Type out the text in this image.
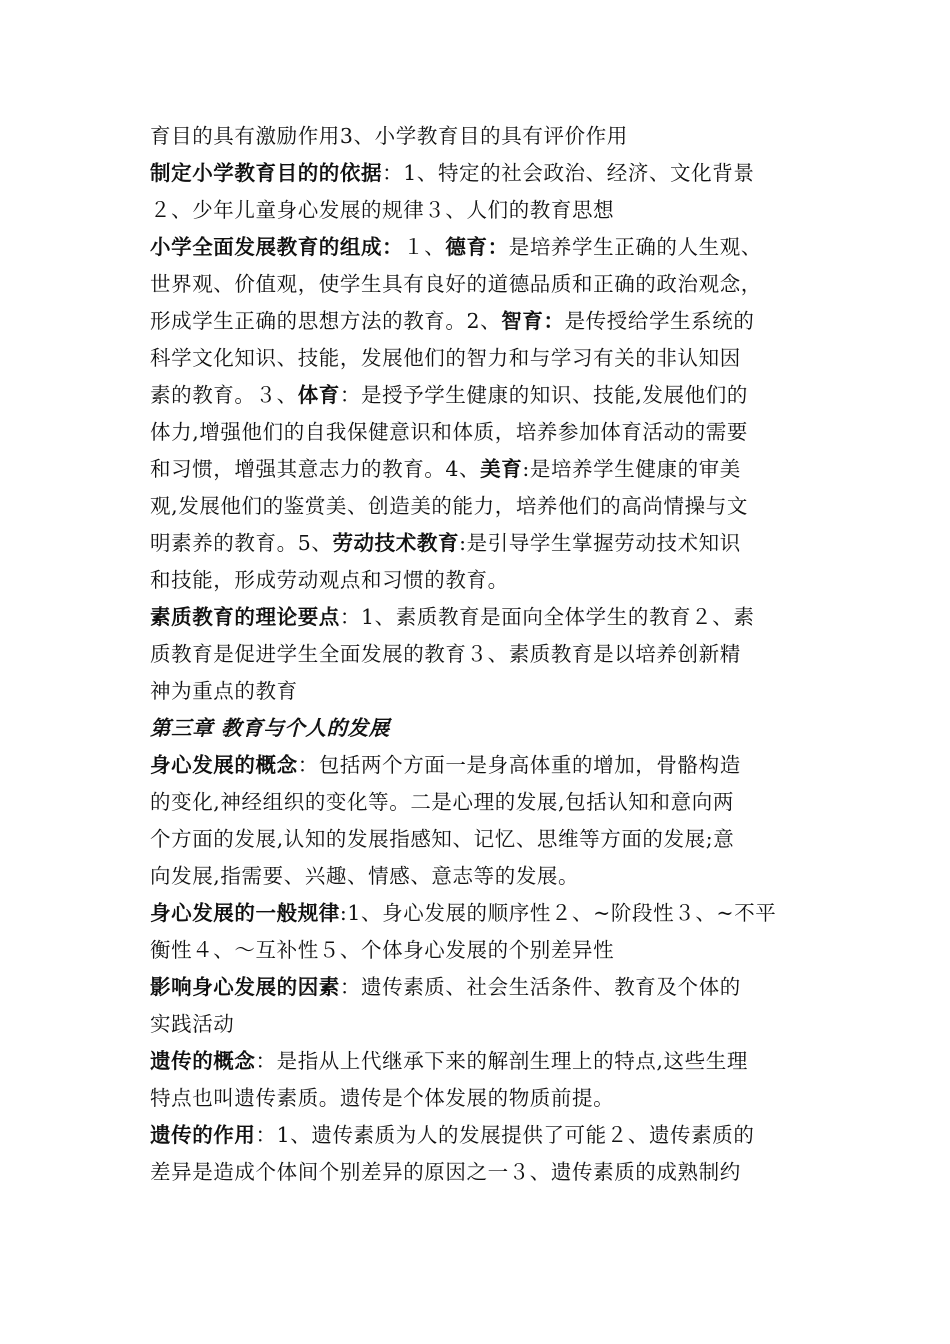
育目的具有激励作用3、小学教育目的具有评价作用
制定小学教育目的的依据：1、特定的社会政治、经济、文化背景
２、少年儿童身心发展的规律３、人们的教育思想
小学全面发展教育的组成：１、德育：是培养学生正确的人生观、
世界观、价值观，使学生具有良好的道德品质和正确的政治观念，
形成学生正确的思想方法的教育。2、智育：是传授给学生系统的
科学文化知识、技能，发展他们的智力和与学习有关的非认知因
素的教育。３、体育：是授予学生健康的知识、技能,发展他们的
体力,增强他们的自我保健意识和体质，培养参加体育活动的需要
和习惯，增强其意志力的教育。4、美育:是培养学生健康的审美
观,发展他们的鉴赏美、创造美的能力，培养他们的高尚情操与文
明素养的教育。5、劳动技术教育:是引导学生掌握劳动技术知识
和技能，形成劳动观点和习惯的教育。
素质教育的理论要点：1、素质教育是面向全体学生的教育２、素
质教育是促进学生全面发展的教育３、素质教育是以培养创新精
神为重点的教育
第三章 教育与个人的发展
身心发展的概念：包括两个方面一是身高体重的增加，骨骼构造
的变化,神经组织的变化等。二是心理的发展,包括认知和意向两
个方面的发展,认知的发展指感知、记忆、思维等方面的发展;意
向发展,指需要、兴趣、情感、意志等的发展。
身心发展的一般规律:1、身心发展的顺序性２、~阶段性３、~不平
衡性４、～互补性５、个体身心发展的个别差异性
影响身心发展的因素：遗传素质、社会生活条件、教育及个体的
实践活动
遗传的概念：是指从上代继承下来的解剖生理上的特点,这些生理
特点也叫遗传素质。遗传是个体发展的物质前提。
遗传的作用：1、遗传素质为人的发展提供了可能２、遗传素质的
差异是造成个体间个别差异的原因之一３、遗传素质的成熟制约
